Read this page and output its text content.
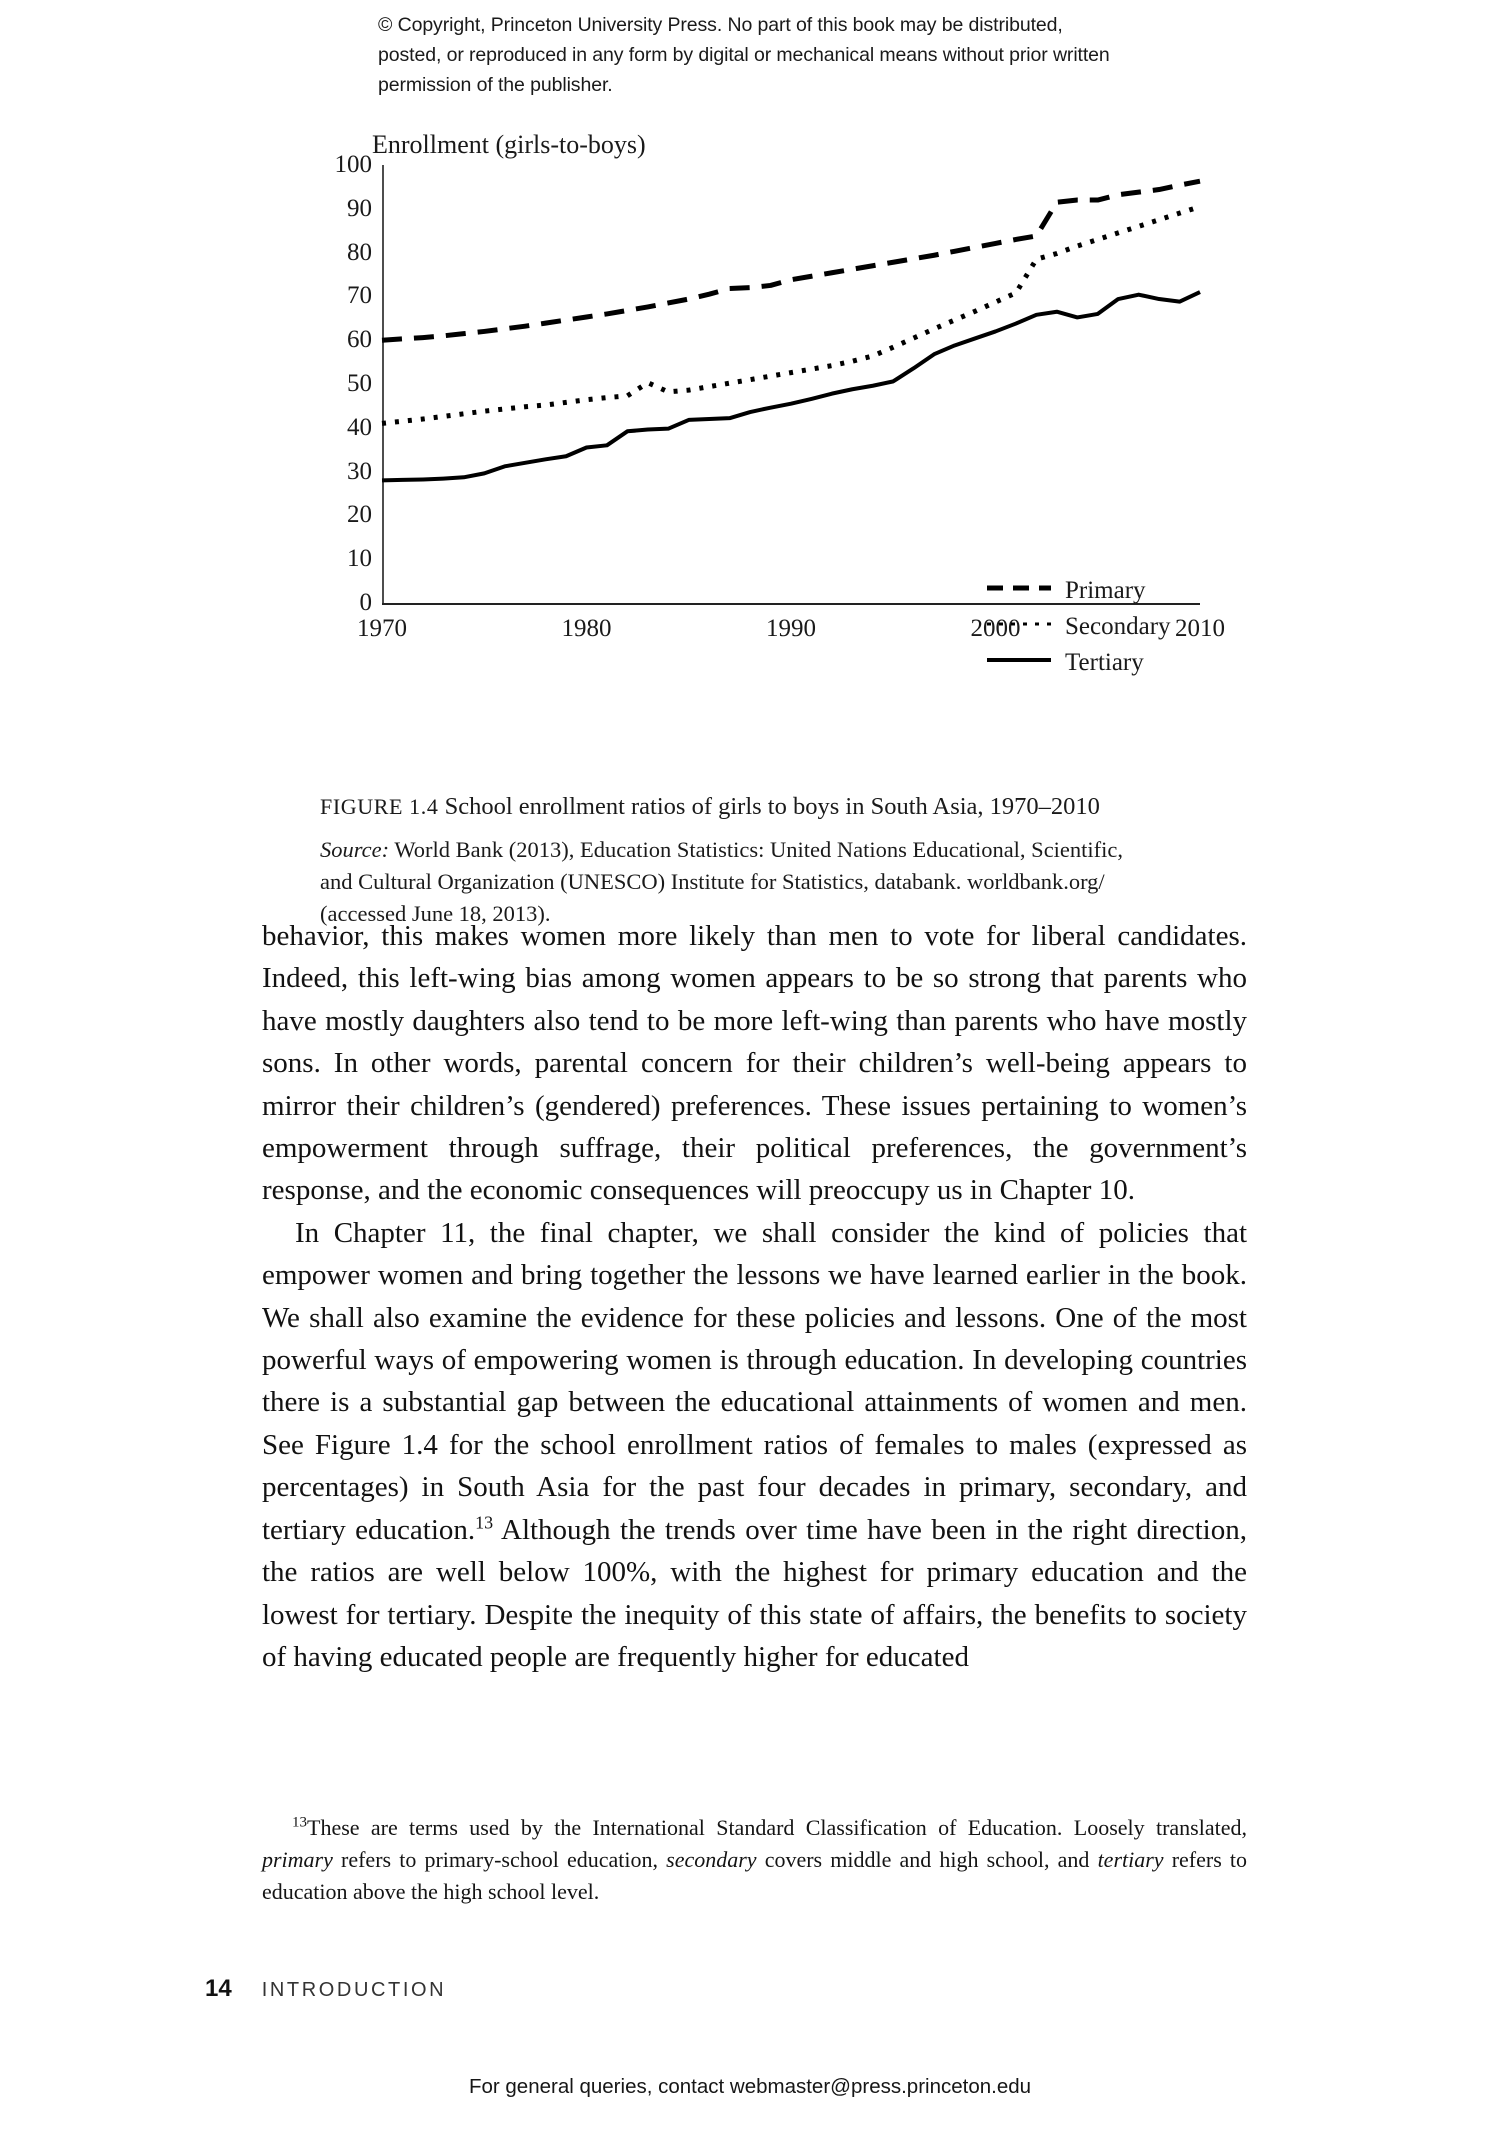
© Copyright, Princeton University Press. No part of this book may be distributed, posted, or reproduced in any form by digital or mechanical means without prior written permission of the publisher.
Enrollment (girls-to-boys)
100
90
80
70
60
50
40
30
20
10
0
1970	1980	1990	2000	2010
Primary
Secondary
Tertiary
FIGURE 1.4 School enrollment ratios of girls to boys in South Asia, 1970–2010
Source: World Bank (2013), Education Statistics: United Nations Educational, Scientific, and Cultural Organization (UNESCO) Institute for Statistics, databank. worldbank.org/ (accessed June 18, 2013).

behavior, this makes women more likely than men to vote for liberal candidates. Indeed, this left-wing bias among women appears to be so strong that parents who have mostly daughters also tend to be more left-wing than parents who have mostly sons. In other words, parental concern for their children’s well-being appears to mirror their children’s (gendered) preferences. These issues pertaining to women’s empowerment through suffrage, their political preferences, the government’s response, and the economic consequences will preoccupy us in Chapter 10.

In Chapter 11, the final chapter, we shall consider the kind of policies that empower women and bring together the lessons we have learned earlier in the book. We shall also examine the evidence for these policies and lessons. One of the most powerful ways of empowering women is through education. In developing countries there is a substantial gap between the educational attainments of women and men. See Figure 1.4 for the school enrollment ratios of females to males (expressed as percentages) in South Asia for the past four decades in primary, secondary, and tertiary education.$^{13}$ Although the trends over time have been in the right direction, the ratios are well below 100%, with the highest for primary education and the lowest for tertiary. Despite the inequity of this state of affairs, the benefits to society of having educated people are frequently higher for educated

$^{13}$These are terms used by the International Standard Classification of Education. Loosely translated, primary refers to primary-school education, secondary covers middle and high school, and tertiary refers to education above the high school level.
14 INTRODUCTION
For general queries, contact webmaster@press.princeton.edu
